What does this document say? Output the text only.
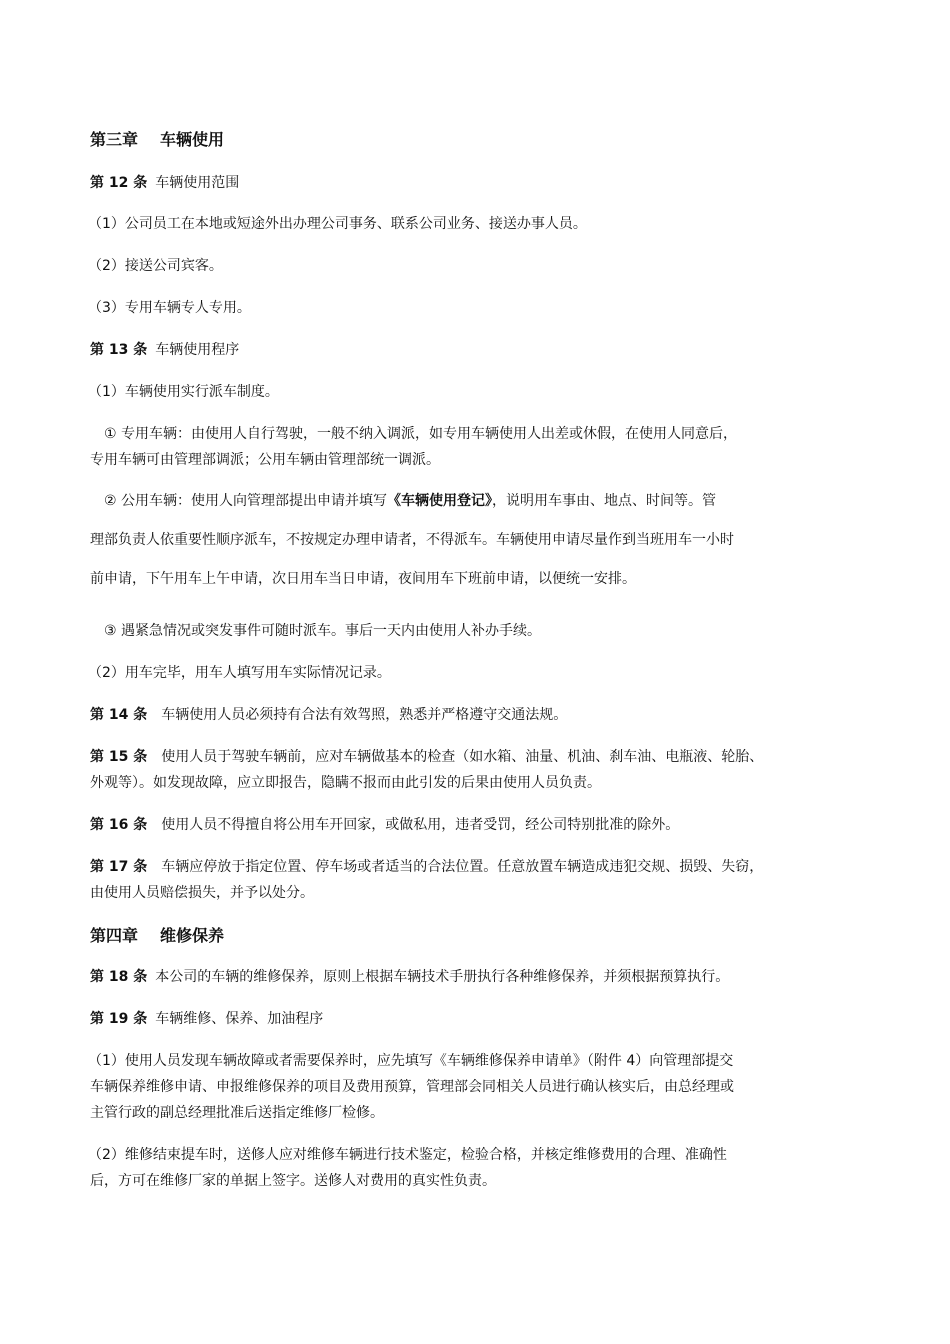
第三章 车辆使用
第 12 条 车辆使用范围
（1）公司员工在本地或短途外出办理公司事务、联系公司业务、接送办事人员。
（2）接送公司宾客。
（3）专用车辆专人专用。
第 13 条 车辆使用程序
（1）车辆使用实行派车制度。
① 专用车辆：由使用人自行驾驶，一般不纳入调派，如专用车辆使用人出差或休假，在使用人同意后，
专用车辆可由管理部调派；公用车辆由管理部统一调派。
② 公用车辆：使用人向管理部提出申请并填写《车辆使用登记》，说明用车事由、地点、时间等。管
理部负责人依重要性顺序派车，不按规定办理申请者，不得派车。车辆使用申请尽量作到当班用车一小时
前申请，下午用车上午申请，次日用车当日申请，夜间用车下班前申请，以便统一安排。
③ 遇紧急情况或突发事件可随时派车。事后一天内由使用人补办手续。
（2）用车完毕，用车人填写用车实际情况记录。
第 14 条 车辆使用人员必须持有合法有效驾照，熟悉并严格遵守交通法规。
第 15 条 使用人员于驾驶车辆前，应对车辆做基本的检查（如水箱、油量、机油、刹车油、电瓶液、轮胎、
外观等）。如发现故障，应立即报告，隐瞒不报而由此引发的后果由使用人员负责。
第 16 条 使用人员不得擅自将公用车开回家，或做私用，违者受罚，经公司特别批准的除外。
第 17 条 车辆应停放于指定位置、停车场或者适当的合法位置。任意放置车辆造成违犯交规、损毁、失窃，
由使用人员赔偿损失，并予以处分。
第四章 维修保养
第 18 条 本公司的车辆的维修保养，原则上根据车辆技术手册执行各种维修保养，并须根据预算执行。
第 19 条 车辆维修、保养、加油程序
（1）使用人员发现车辆故障或者需要保养时，应先填写《车辆维修保养申请单》（附件 4）向管理部提交
车辆保养维修申请、申报维修保养的项目及费用预算，管理部会同相关人员进行确认核实后，由总经理或
主管行政的副总经理批准后送指定维修厂检修。
（2）维修结束提车时，送修人应对维修车辆进行技术鉴定，检验合格，并核定维修费用的合理、准确性
后，方可在维修厂家的单据上签字。送修人对费用的真实性负责。
